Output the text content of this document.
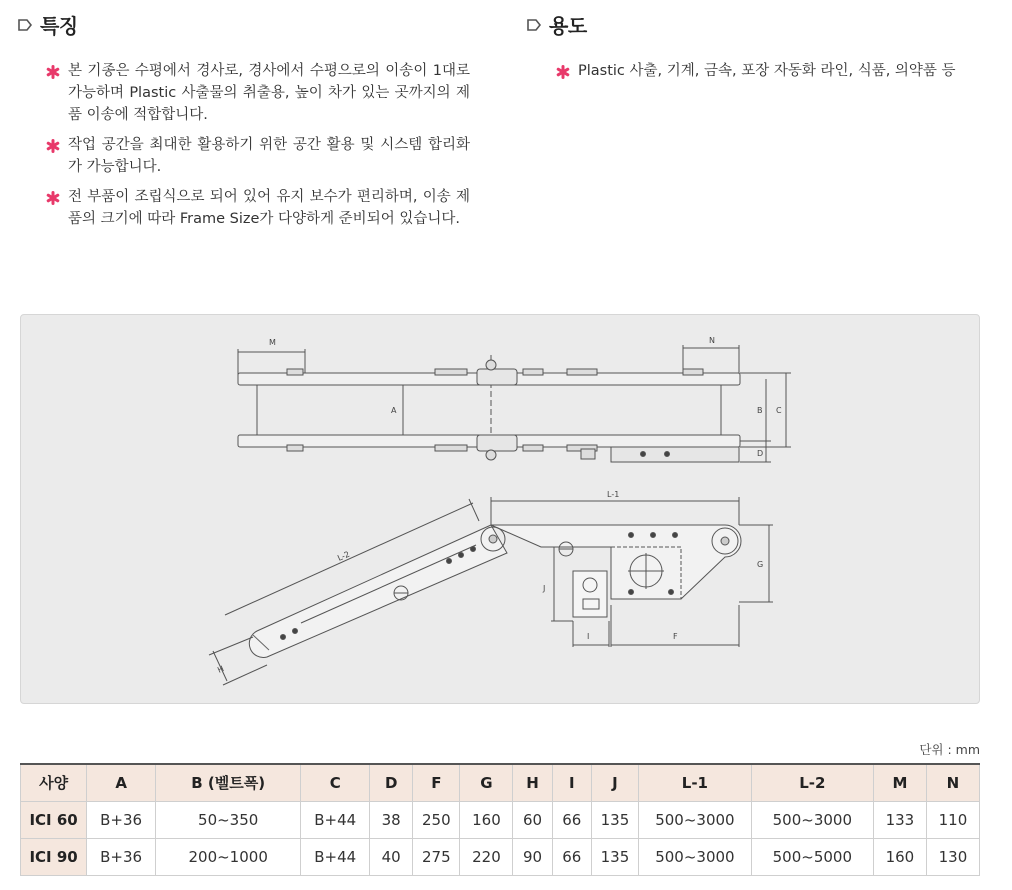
특징
본 기종은 수평에서 경사로, 경사에서 수평으로의 이송이 1대로 가능하며 Plastic 사출물의 취출용, 높이 차가 있는 곳까지의 제품 이송에 적합합니다.
작업 공간을 최대한 활용하기 위한 공간 활용 및 시스템 합리화가 가능합니다.
전 부품이 조립식으로 되어 있어 유지 보수가 편리하며, 이송 제품의 크기에 따라 Frame Size가 다양하게 준비되어 있습니다.
용도
Plastic 사출, 기계, 금속, 포장 자동화 라인, 식품, 의약품 등
M	N
A	B C
D
L-1
G
J
I	F
L-2
H
단위 : mm
사양	A	B (벨트폭)	C	D	F	G	H	I	J	L-1	L-2	M	N
ICI 60	B+36	50~350	B+44	38	250	160	60	66	135	500~3000	500~3000	133	110
ICI 90	B+36	200~1000	B+44	40	275	220	90	66	135	500~3000	500~5000	160	130
